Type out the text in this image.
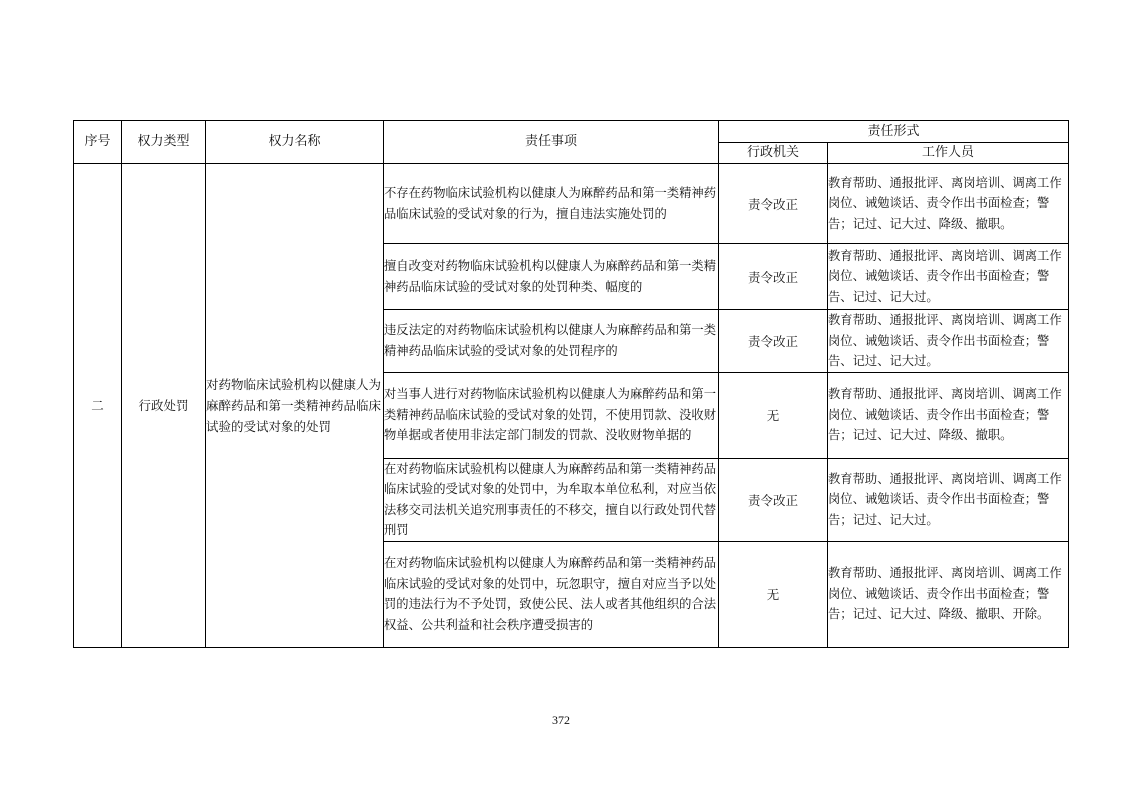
序号	权力类型	权力名称	责任事项	责任形式	
				行政机关	工作人员
二	行政处罚	对药物临床试验机构以健康人为麻醉药品和第一类精神药品临床试验的受试对象的处罚	不存在药物临床试验机构以健康人为麻醉药品和第一类精神药品临床试验的受试对象的行为，擅自违法实施处罚的	责令改正	教育帮助、通报批评、离岗培训、调离工作岗位、诫勉谈话、责令作出书面检查；警告；记过、记大过、降级、撤职。
			擅自改变对药物临床试验机构以健康人为麻醉药品和第一类精神药品临床试验的受试对象的处罚种类、幅度的	责令改正	教育帮助、通报批评、离岗培训、调离工作岗位、诫勉谈话、责令作出书面检查；警告、记过、记大过。
			违反法定的对药物临床试验机构以健康人为麻醉药品和第一类精神药品临床试验的受试对象的处罚程序的	责令改正	教育帮助、通报批评、离岗培训、调离工作岗位、诫勉谈话、责令作出书面检查；警告、记过、记大过。
			对当事人进行对药物临床试验机构以健康人为麻醉药品和第一类精神药品临床试验的受试对象的处罚，不使用罚款、没收财物单据或者使用非法定部门制发的罚款、没收财物单据的	无	教育帮助、通报批评、离岗培训、调离工作岗位、诫勉谈话、责令作出书面检查；警告；记过、记大过、降级、撤职。
			在对药物临床试验机构以健康人为麻醉药品和第一类精神药品临床试验的受试对象的处罚中，为牟取本单位私利，对应当依法移交司法机关追究刑事责任的不移交，擅自以行政处罚代替刑罚	责令改正	教育帮助、通报批评、离岗培训、调离工作岗位、诫勉谈话、责令作出书面检查；警告；记过、记大过。
			在对药物临床试验机构以健康人为麻醉药品和第一类精神药品临床试验的受试对象的处罚中，玩忽职守，擅自对应当予以处罚的违法行为不予处罚，致使公民、法人或者其他组织的合法权益、公共利益和社会秩序遭受损害的	无	教育帮助、通报批评、离岗培训、调离工作岗位、诫勉谈话、责令作出书面检查；警告；记过、记大过、降级、撤职、开除。
372
